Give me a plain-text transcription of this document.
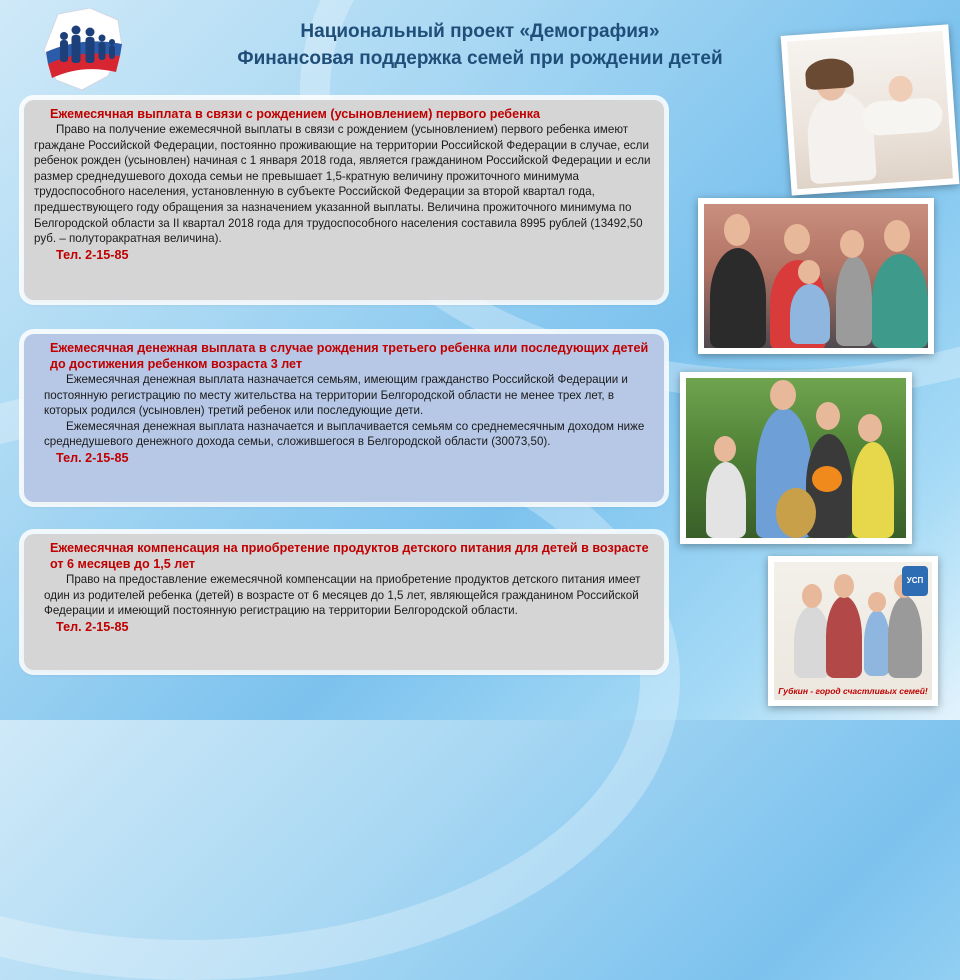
Национальный проект «Демография»
Финансовая поддержка семей при рождении детей
Ежемесячная выплата в связи с рождением (усыновлением) первого ребенка

Право на получение ежемесячной выплаты в связи с рождением (усыновлением) первого ребенка имеют граждане Российской Федерации, постоянно проживающие на территории Российской Федерации в случае, если ребенок рожден (усыновлен) начиная с 1 января 2018 года, является гражданином Российской Федерации и если размер среднедушевого дохода семьи не превышает 1,5-кратную величину прожиточного минимума трудоспособного населения, установленную в субъекте Российской Федерации за второй квартал года, предшествующего году обращения за назначением указанной выплаты. Величина прожиточного минимума по Белгородской области за II квартал 2018 года для трудоспособного населения составила 8995 рублей (13492,50 руб. – полуторакратная величина).

Тел. 2-15-85
Ежемесячная денежная выплата в случае рождения третьего ребенка или последующих детей до достижения ребенком возраста 3 лет

Ежемесячная денежная выплата назначается семьям, имеющим гражданство Российской Федерации и постоянную регистрацию по месту жительства на территории Белгородской области не менее трех лет, в которых родился (усыновлен) третий ребенок или последующие дети.

Ежемесячная денежная выплата назначается и выплачивается семьям со среднемесячным доходом ниже среднедушевого денежного дохода семьи, сложившегося в Белгородской области (30073,50).

Тел. 2-15-85
Ежемесячная компенсация на приобретение продуктов детского питания для детей в возрасте от 6 месяцев до 1,5 лет

Право на предоставление ежемесячной компенсации на приобретение продуктов детского питания имеет один из родителей ребенка (детей) в возрасте от 6 месяцев до 1,5 лет, являющейся гражданином Российской Федерации и имеющий постоянную регистрацию на территории Белгородской области.

Тел. 2-15-85
УСП
Губкин - город счастливых семей!
